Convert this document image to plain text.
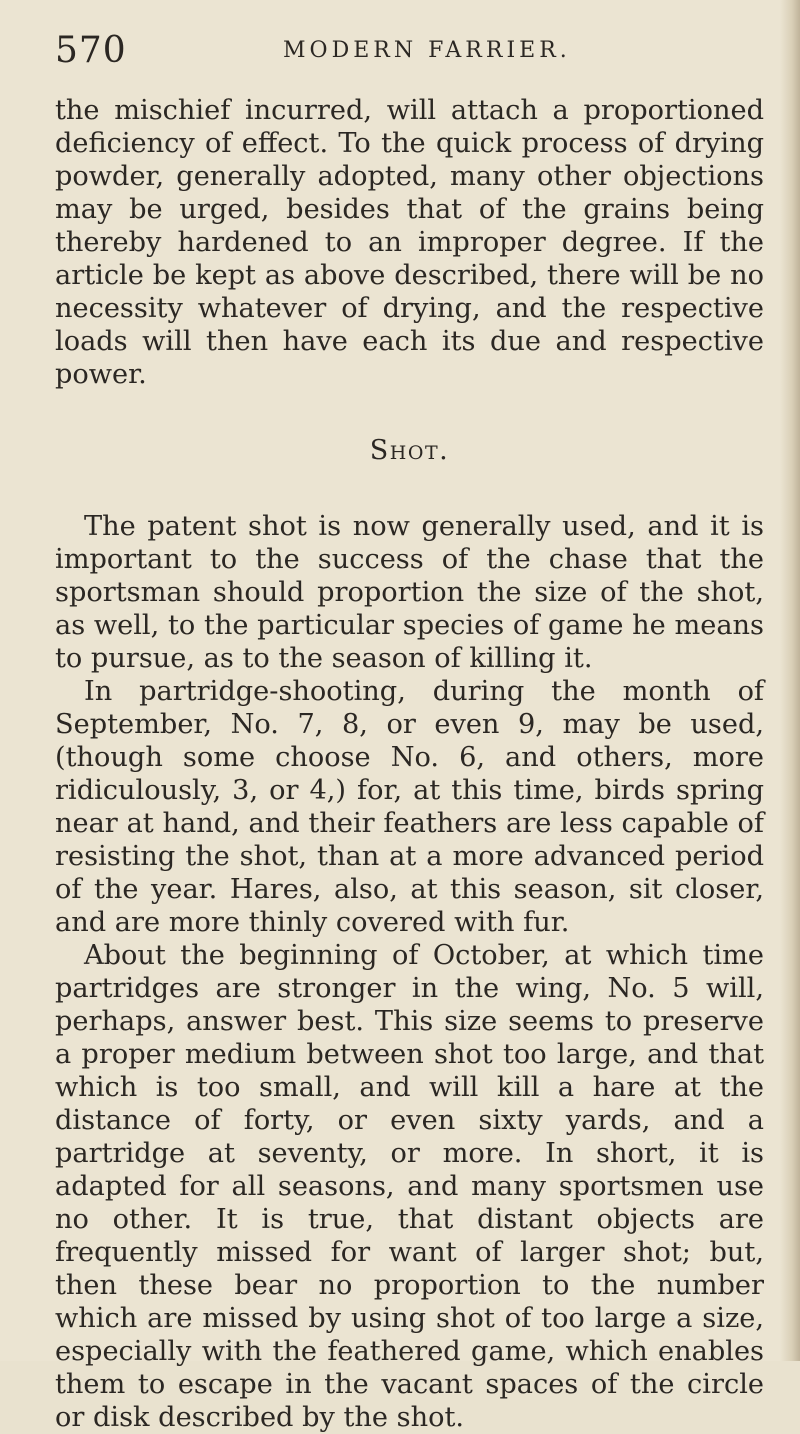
570	MODERN FARRIER.

the mischief incurred, will attach a proportioned deficiency of effect. To the quick process of drying powder, generally adopted, many other objections may be urged, besides that of the grains being thereby hardened to an improper degree. If the article be kept as above described, there will be no necessity whatever of drying, and the respective loads will then have each its due and respective power.

Shot.

The patent shot is now generally used, and it is important to the success of the chase that the sportsman should proportion the size of the shot, as well, to the particular species of game he means to pursue, as to the season of killing it.

In partridge-shooting, during the month of September, No. 7, 8, or even 9, may be used, (though some choose No. 6, and others, more ridiculously, 3, or 4,) for, at this time, birds spring near at hand, and their feathers are less capable of resisting the shot, than at a more advanced period of the year. Hares, also, at this season, sit closer, and are more thinly covered with fur.

About the beginning of October, at which time partridges are stronger in the wing, No. 5 will, perhaps, answer best. This size seems to preserve a proper medium between shot too large, and that which is too small, and will kill a hare at the distance of forty, or even sixty yards, and a partridge at seventy, or more. In short, it is adapted for all seasons, and many sportsmen use no other. It is true, that distant objects are frequently missed for want of larger shot; but, then these bear no proportion to the number which are missed by using shot of too large a size, especially with the feathered game, which enables them to escape in the vacant spaces of the circle or disk described by the shot.
